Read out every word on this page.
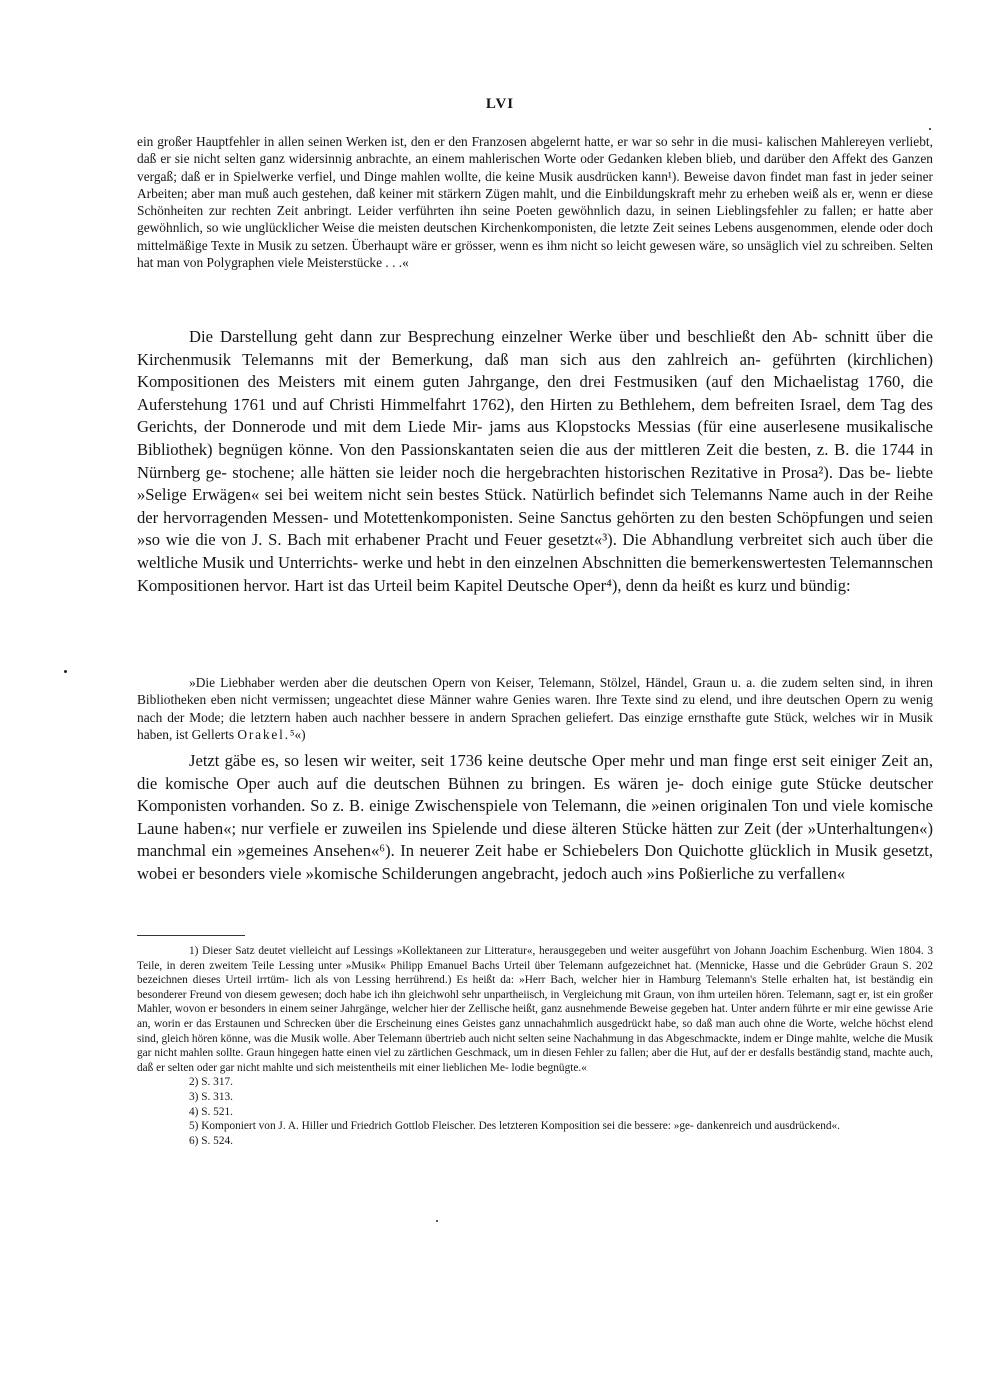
LVI

ein großer Hauptfehler in allen seinen Werken ist, den er den Franzosen abgelernt hatte, er war so sehr in die musi- kalischen Mahlereyen verliebt, daß er sie nicht selten ganz widersinnig anbrachte, an einem mahlerischen Worte oder Gedanken kleben blieb, und darüber den Affekt des Ganzen vergaß; daß er in Spielwerke verfiel, und Dinge mahlen wollte, die keine Musik ausdrücken kann¹). Beweise davon findet man fast in jeder seiner Arbeiten; aber man muß auch gestehen, daß keiner mit stärkern Zügen mahlt, und die Einbildungskraft mehr zu erheben weiß als er, wenn er diese Schönheiten zur rechten Zeit anbringt. Leider verführten ihn seine Poeten gewöhnlich dazu, in seinen Lieblingsfehler zu fallen; er hatte aber gewöhnlich, so wie unglücklicher Weise die meisten deutschen Kirchenkomponisten, die letzte Zeit seines Lebens ausgenommen, elende oder doch mittelmäßige Texte in Musik zu setzen. Überhaupt wäre er grösser, wenn es ihm nicht so leicht gewesen wäre, so unsäglich viel zu schreiben. Selten hat man von Polygraphen viele Meisterstücke . . .«

Die Darstellung geht dann zur Besprechung einzelner Werke über und beschließt den Ab- schnitt über die Kirchenmusik Telemanns mit der Bemerkung, daß man sich aus den zahlreich an- geführten (kirchlichen) Kompositionen des Meisters mit einem guten Jahrgange, den drei Festmusiken (auf den Michaelistag 1760, die Auferstehung 1761 und auf Christi Himmelfahrt 1762), den Hirten zu Bethlehem, dem befreiten Israel, dem Tag des Gerichts, der Donnerode und mit dem Liede Mir- jams aus Klopstocks Messias (für eine auserlesene musikalische Bibliothek) begnügen könne. Von den Passionskantaten seien die aus der mittleren Zeit die besten, z. B. die 1744 in Nürnberg ge- stochene; alle hätten sie leider noch die hergebrachten historischen Rezitative in Prosa²). Das be- liebte »Selige Erwägen« sei bei weitem nicht sein bestes Stück. Natürlich befindet sich Telemanns Name auch in der Reihe der hervorragenden Messen- und Motettenkomponisten. Seine Sanctus gehörten zu den besten Schöpfungen und seien »so wie die von J. S. Bach mit erhabener Pracht und Feuer gesetzt«³). Die Abhandlung verbreitet sich auch über die weltliche Musik und Unterrichts- werke und hebt in den einzelnen Abschnitten die bemerkenswertesten Telemannschen Kompositionen hervor. Hart ist das Urteil beim Kapitel Deutsche Oper⁴), denn da heißt es kurz und bündig:

»Die Liebhaber werden aber die deutschen Opern von Keiser, Telemann, Stölzel, Händel, Graun u. a. die zudem selten sind, in ihren Bibliotheken eben nicht vermissen; ungeachtet diese Männer wahre Genies waren. Ihre Texte sind zu elend, und ihre deutschen Opern zu wenig nach der Mode; die letztern haben auch nachher bessere in andern Sprachen geliefert. Das einzige ernsthafte gute Stück, welches wir in Musik haben, ist Gellerts Orakel.⁵«)

Jetzt gäbe es, so lesen wir weiter, seit 1736 keine deutsche Oper mehr und man finge erst seit einiger Zeit an, die komische Oper auch auf die deutschen Bühnen zu bringen. Es wären je- doch einige gute Stücke deutscher Komponisten vorhanden. So z. B. einige Zwischenspiele von Telemann, die »einen originalen Ton und viele komische Laune haben«; nur verfiele er zuweilen ins Spielende und diese älteren Stücke hätten zur Zeit (der »Unterhaltungen«) manchmal ein »gemeines Ansehen«⁶). In neuerer Zeit habe er Schiebelers Don Quichotte glücklich in Musik gesetzt, wobei er besonders viele »komische Schilderungen angebracht, jedoch auch »ins Poßierliche zu verfallen«

1) Dieser Satz deutet vielleicht auf Lessings »Kollektaneen zur Litteratur«, herausgegeben und weiter ausgeführt von Johann Joachim Eschenburg. Wien 1804. 3 Teile, in deren zweitem Teile Lessing unter »Musik« Philipp Emanuel Bachs Urteil über Telemann aufgezeichnet hat. (Mennicke, Hasse und die Gebrüder Graun S. 202 bezeichnen dieses Urteil irrtüm- lich als von Lessing herrührend.) Es heißt da: »Herr Bach, welcher hier in Hamburg Telemann's Stelle erhalten hat, ist beständig ein besonderer Freund von diesem gewesen; doch habe ich ihn gleichwohl sehr unpartheiisch, in Vergleichung mit Graun, von ihm urteilen hören. Telemann, sagt er, ist ein großer Mahler, wovon er besonders in einem seiner Jahrgänge, welcher hier der Zellische heißt, ganz ausnehmende Beweise gegeben hat. Unter andern führte er mir eine gewisse Arie an, worin er das Erstaunen und Schrecken über die Erscheinung eines Geistes ganz unnachahmlich ausgedrückt habe, so daß man auch ohne die Worte, welche höchst elend sind, gleich hören könne, was die Musik wolle. Aber Telemann übertrieb auch nicht selten seine Nachahmung in das Abgeschmackte, indem er Dinge mahlte, welche die Musik gar nicht mahlen sollte. Graun hingegen hatte einen viel zu zärtlichen Geschmack, um in diesen Fehler zu fallen; aber die Hut, auf der er desfalls beständig stand, machte auch, daß er selten oder gar nicht mahlte und sich meistentheils mit einer lieblichen Me- lodie begnügte.«

2) S. 317.

3) S. 313.

4) S. 521.

5) Komponiert von J. A. Hiller und Friedrich Gottlob Fleischer. Des letzteren Komposition sei die bessere: »ge- dankenreich und ausdrückend«.

6) S. 524.
